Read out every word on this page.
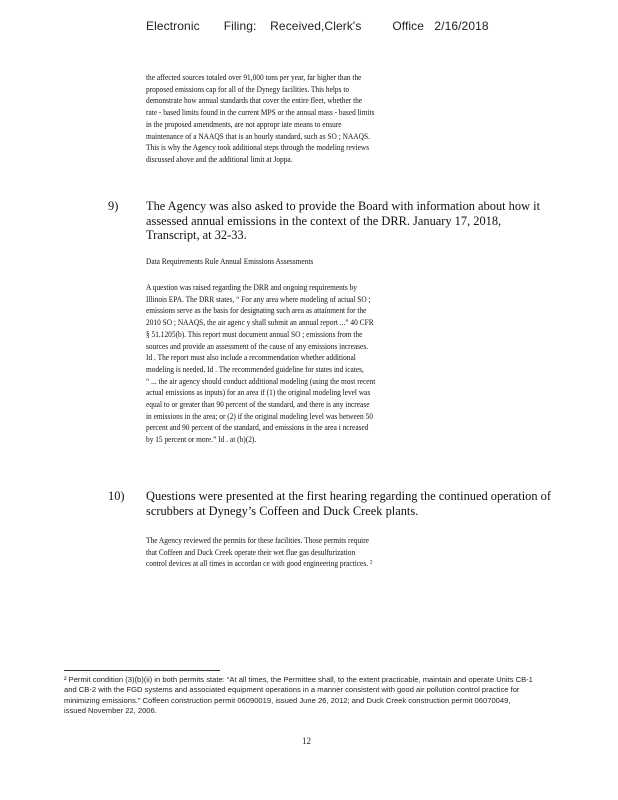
Electronic       Filing:    Received,Clerk's         Office   2/16/2018

the affected sources totaled over 91,000 tons per year, far higher than the

proposed emissions cap for all of the Dynegy facilities. This helps to

demonstrate how annual standards that cover the entire fleet, whether the

rate - based limits found in the current MPS or the annual mass - based limits

in the proposed amendments, are not appropr iate means to ensure

maintenance of a NAAQS that is an hourly standard, such as SO ; NAAQS.

This is why the Agency took additional steps through the modeling reviews

discussed above and the additional limit at Joppa.

9) The Agency was also asked to provide the Board with information about how it assessed annual emissions in the context of the DRR. January 17, 2018, Transcript, at 32-33.
Data Requirements Rule Annual Emissions Assessments

A question was raised regarding the DRR and ongoing requirements by

Illinois EPA. The DRR states, “ For any area where modeling of actual SO ;

emissions serve as the basis for designating such area as attainment for the

2010 SO ; NAAQS, the air agenc y shall submit an annual report ...” 40 CFR

§ 51.1205(b). This report must document annual SO ; emissions from the

sources and provide an assessment of the cause of any emissions increases.

Id . The report must also include a recommendation whether additional

modeling is needed. Id . The recommended guideline for states ind icates,

“ ... the air agency should conduct additional modeling (using the most recent

actual emissions as inputs) for an area if (1) the original modeling level was

equal to or greater than 90 percent of the standard, and there is any increase

in emissions in the area; or (2) if the original modeling level was between 50

percent and 90 percent of the standard, and emissions in the area i ncreased

by 15 percent or more.” Id . at (b)(2).

10) Questions were presented at the first hearing regarding the continued operation of scrubbers at Dynegy’s Coffeen and Duck Creek plants.

The Agency reviewed the permits for these facilities. Those permits require

that Coffeen and Duck Creek operate their wet flue gas desulfurization

control devices at all times in accordan ce with good engineering practices. ²

² Permit condition (3)(b)(ii) in both permits state: “At all times, the Permittee shall, to the extent practicable, maintain and operate Units CB-1 and CB-2 with the FGD systems and associated equipment operations in a manner consistent with good air pollution control practice for minimizing emissions.” Coffeen construction permit 06090019, issued June 26, 2012; and Duck Creek construction permit 06070049, issued November 22, 2006.
12
